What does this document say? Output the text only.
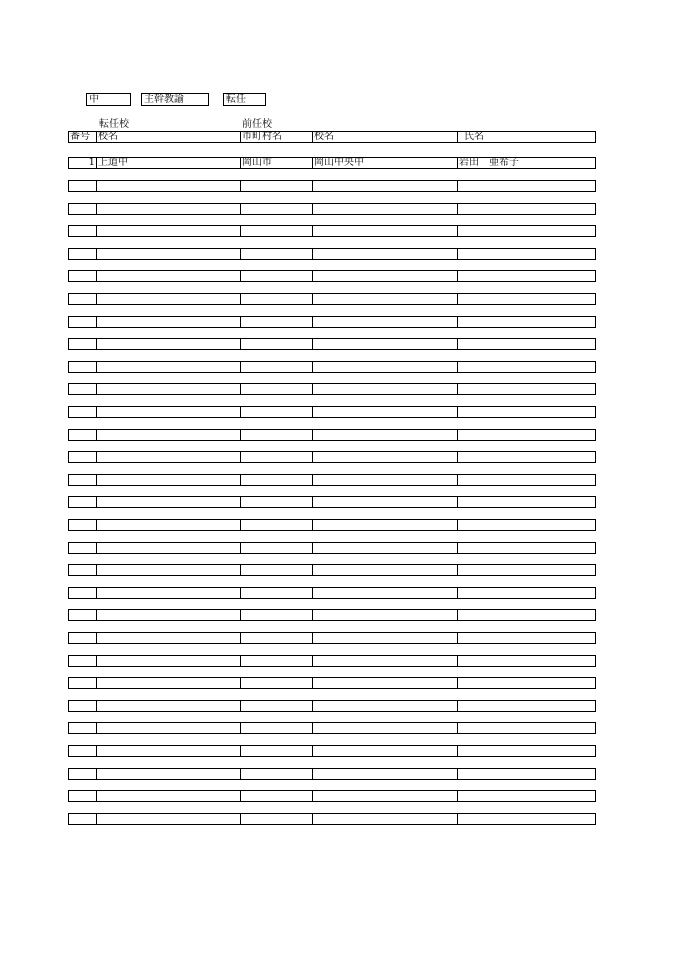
中	主幹教諭	転任
転任校	前任校
番号 校名	市町村名	校名	氏名
1 上道中	岡山市	岡山中央中	岩田　亜希子
